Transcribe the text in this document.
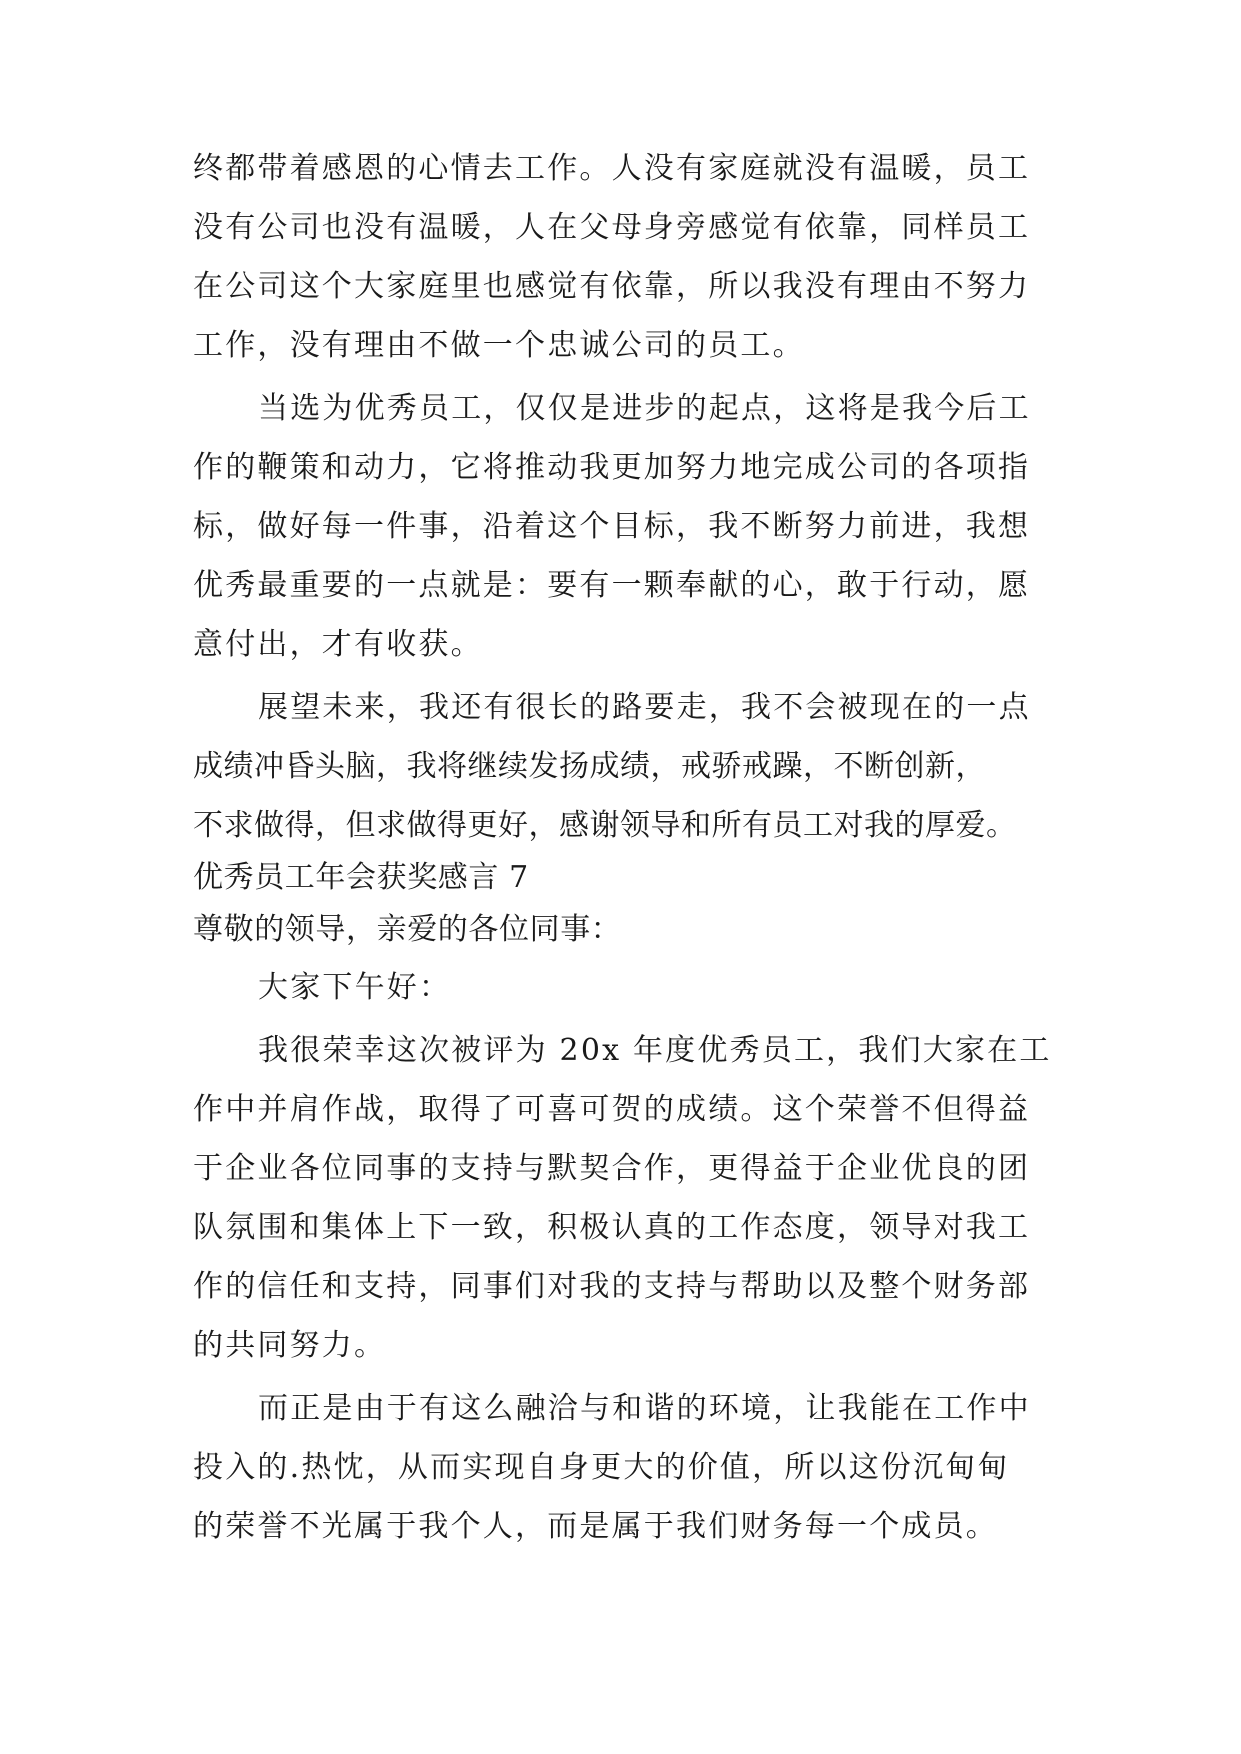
终都带着感恩的心情去工作。人没有家庭就没有温暖，员工
没有公司也没有温暖，人在父母身旁感觉有依靠，同样员工
在公司这个大家庭里也感觉有依靠，所以我没有理由不努力
工作，没有理由不做一个忠诚公司的员工。
当选为优秀员工，仅仅是进步的起点，这将是我今后工
作的鞭策和动力，它将推动我更加努力地完成公司的各项指
标，做好每一件事，沿着这个目标，我不断努力前进，我想
优秀最重要的一点就是：要有一颗奉献的心，敢于行动，愿
意付出，才有收获。
展望未来，我还有很长的路要走，我不会被现在的一点
成绩冲昏头脑，我将继续发扬成绩，戒骄戒躁，不断创新，
不求做得，但求做得更好，感谢领导和所有员工对我的厚爱。
优秀员工年会获奖感言 7
尊敬的领导，亲爱的各位同事：
大家下午好：
我很荣幸这次被评为 20x 年度优秀员工，我们大家在工
作中并肩作战，取得了可喜可贺的成绩。这个荣誉不但得益
于企业各位同事的支持与默契合作，更得益于企业优良的团
队氛围和集体上下一致，积极认真的工作态度，领导对我工
作的信任和支持，同事们对我的支持与帮助以及整个财务部
的共同努力。
而正是由于有这么融洽与和谐的环境，让我能在工作中
投入的.热忱，从而实现自身更大的价值，所以这份沉甸甸
的荣誉不光属于我个人，而是属于我们财务每一个成员。
